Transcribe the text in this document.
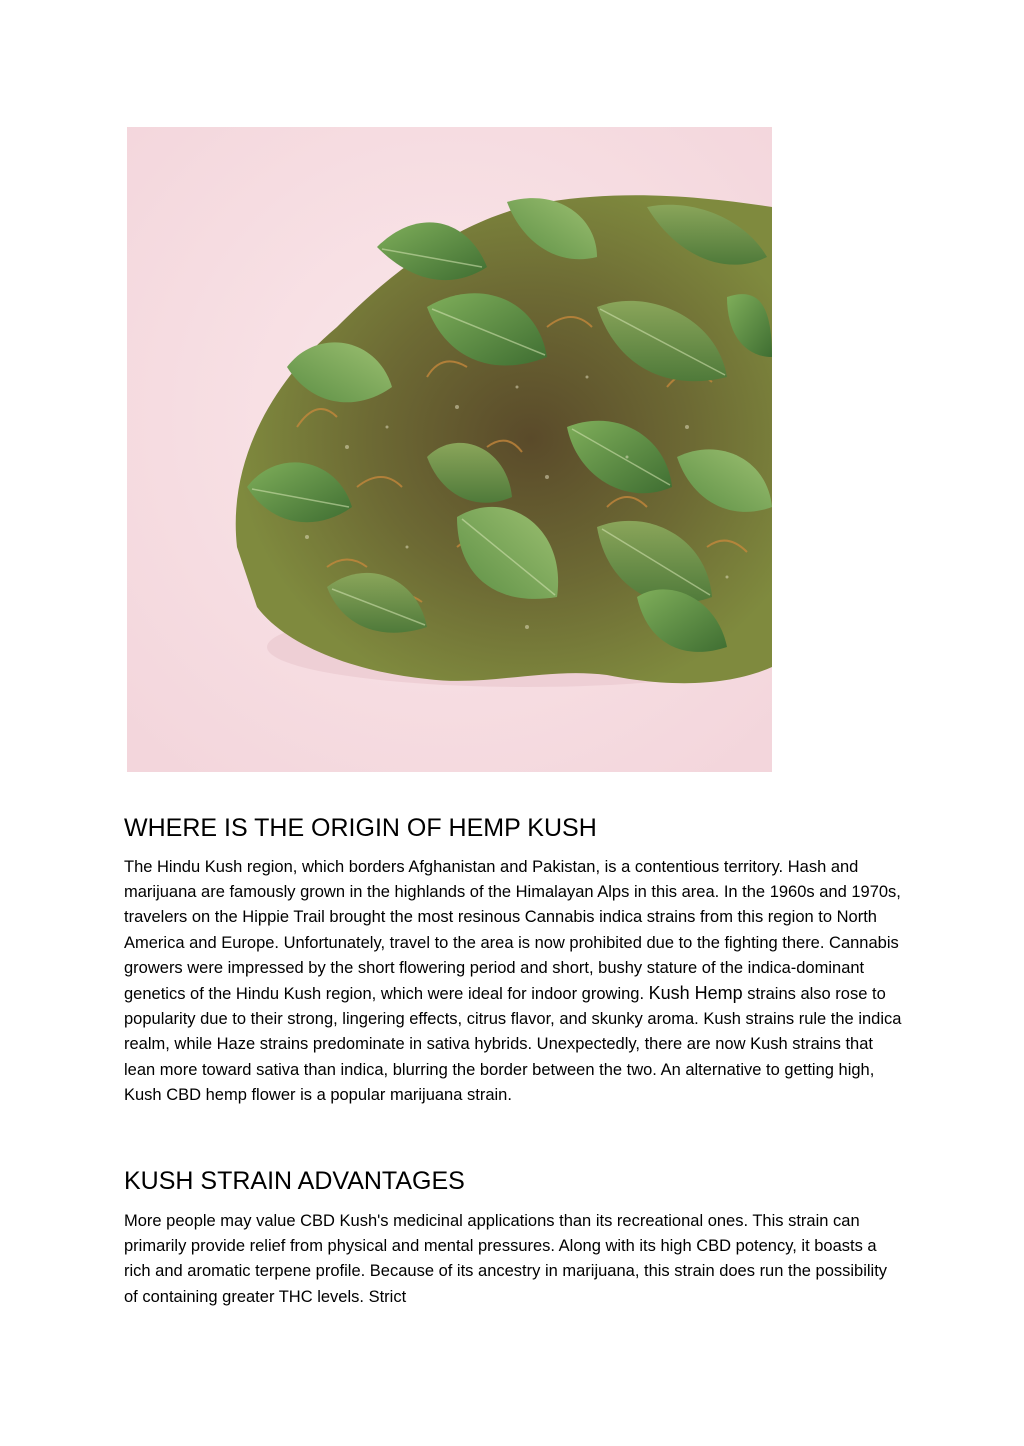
WHERE IS THE ORIGIN OF HEMP KUSH

The Hindu Kush region, which borders Afghanistan and Pakistan, is a contentious territory. Hash and marijuana are famously grown in the highlands of the Himalayan Alps in this area. In the 1960s and 1970s, travelers on the Hippie Trail brought the most resinous Cannabis indica strains from this region to North America and Europe. Unfortunately, travel to the area is now prohibited due to the fighting there. Cannabis growers were impressed by the short flowering period and short, bushy stature of the indica-dominant genetics of the Hindu Kush region, which were ideal for indoor growing. Kush Hemp strains also rose to popularity due to their strong, lingering effects, citrus flavor, and skunky aroma. Kush strains rule the indica realm, while Haze strains predominate in sativa hybrids. Unexpectedly, there are now Kush strains that lean more toward sativa than indica, blurring the border between the two. An alternative to getting high, Kush CBD hemp flower is a popular marijuana strain.

KUSH STRAIN ADVANTAGES

More people may value CBD Kush's medicinal applications than its recreational ones. This strain can primarily provide relief from physical and mental pressures. Along with its high CBD potency, it boasts a rich and aromatic terpene profile. Because of its ancestry in marijuana, this strain does run the possibility of containing greater THC levels. Strict
